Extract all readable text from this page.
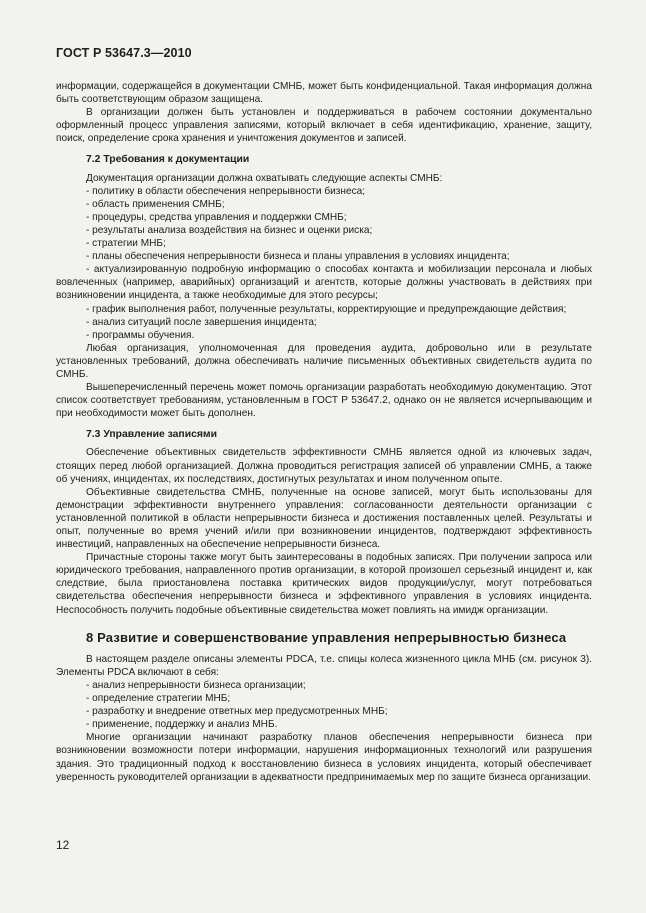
ГОСТ Р 53647.3—2010
информации, содержащейся в документации СМНБ, может быть конфиденциальной. Такая информация должна быть соответствующим образом защищена.
В организации должен быть установлен и поддерживаться в рабочем состоянии документально оформленный процесс управления записями, который включает в себя идентификацию, хранение, защиту, поиск, определение срока хранения и уничтожения документов и записей.
7.2 Требования к документации
Документация организации должна охватывать следующие аспекты СМНБ:
- политику в области обеспечения непрерывности бизнеса;
- область применения СМНБ;
- процедуры, средства управления и поддержки СМНБ;
- результаты анализа воздействия на бизнес и оценки риска;
- стратегии МНБ;
- планы обеспечения непрерывности бизнеса и планы управления в условиях инцидента;
- актуализированную подробную информацию о способах контакта и мобилизации персонала и любых вовлеченных (например, аварийных) организаций и агентств, которые должны участвовать в действиях при возникновении инцидента, а также необходимые для этого ресурсы;
- график выполнения работ, полученные результаты, корректирующие и предупреждающие действия;
- анализ ситуаций после завершения инцидента;
- программы обучения.
Любая организация, уполномоченная для проведения аудита, добровольно или в результате установленных требований, должна обеспечивать наличие письменных объективных свидетельств аудита по СМНБ.
Вышеперечисленный перечень может помочь организации разработать необходимую документацию. Этот список соответствует требованиям, установленным в ГОСТ Р 53647.2, однако он не является исчерпывающим и при необходимости может быть дополнен.
7.3 Управление записями
Обеспечение объективных свидетельств эффективности СМНБ является одной из ключевых задач, стоящих перед любой организацией. Должна проводиться регистрация записей об управлении СМНБ, а также об учениях, инцидентах, их последствиях, достигнутых результатах и ином полученном опыте.
Объективные свидетельства СМНБ, полученные на основе записей, могут быть использованы для демонстрации эффективности внутреннего управления: согласованности деятельности организации с установленной политикой в области непрерывности бизнеса и достижения поставленных целей. Результаты и опыт, полученные во время учений и/или при возникновении инцидентов, подтверждают эффективность инвестиций, направленных на обеспечение непрерывности бизнеса.
Причастные стороны также могут быть заинтересованы в подобных записях. При получении запроса или юридического требования, направленного против организации, в которой произошел серьезный инцидент и, как следствие, была приостановлена поставка критических видов продукции/услуг, могут потребоваться свидетельства обеспечения непрерывности бизнеса и эффективного управления в условиях инцидента. Неспособность получить подобные объективные свидетельства может повлиять на имидж организации.
8 Развитие и совершенствование управления непрерывностью бизнеса
В настоящем разделе описаны элементы PDCA, т.е. спицы колеса жизненного цикла МНБ (см. рисунок 3). Элементы PDCA включают в себя:
- анализ непрерывности бизнеса организации;
- определение стратегии МНБ;
- разработку и внедрение ответных мер предусмотренных МНБ;
- применение, поддержку и анализ МНБ.
Многие организации начинают разработку планов обеспечения непрерывности бизнеса при возникновении возможности потери информации, нарушения информационных технологий или разрушения здания. Это традиционный подход к восстановлению бизнеса в условиях инцидента, который обеспечивает уверенность руководителей организации в адекватности предпринимаемых мер по защите бизнеса организации.
12
